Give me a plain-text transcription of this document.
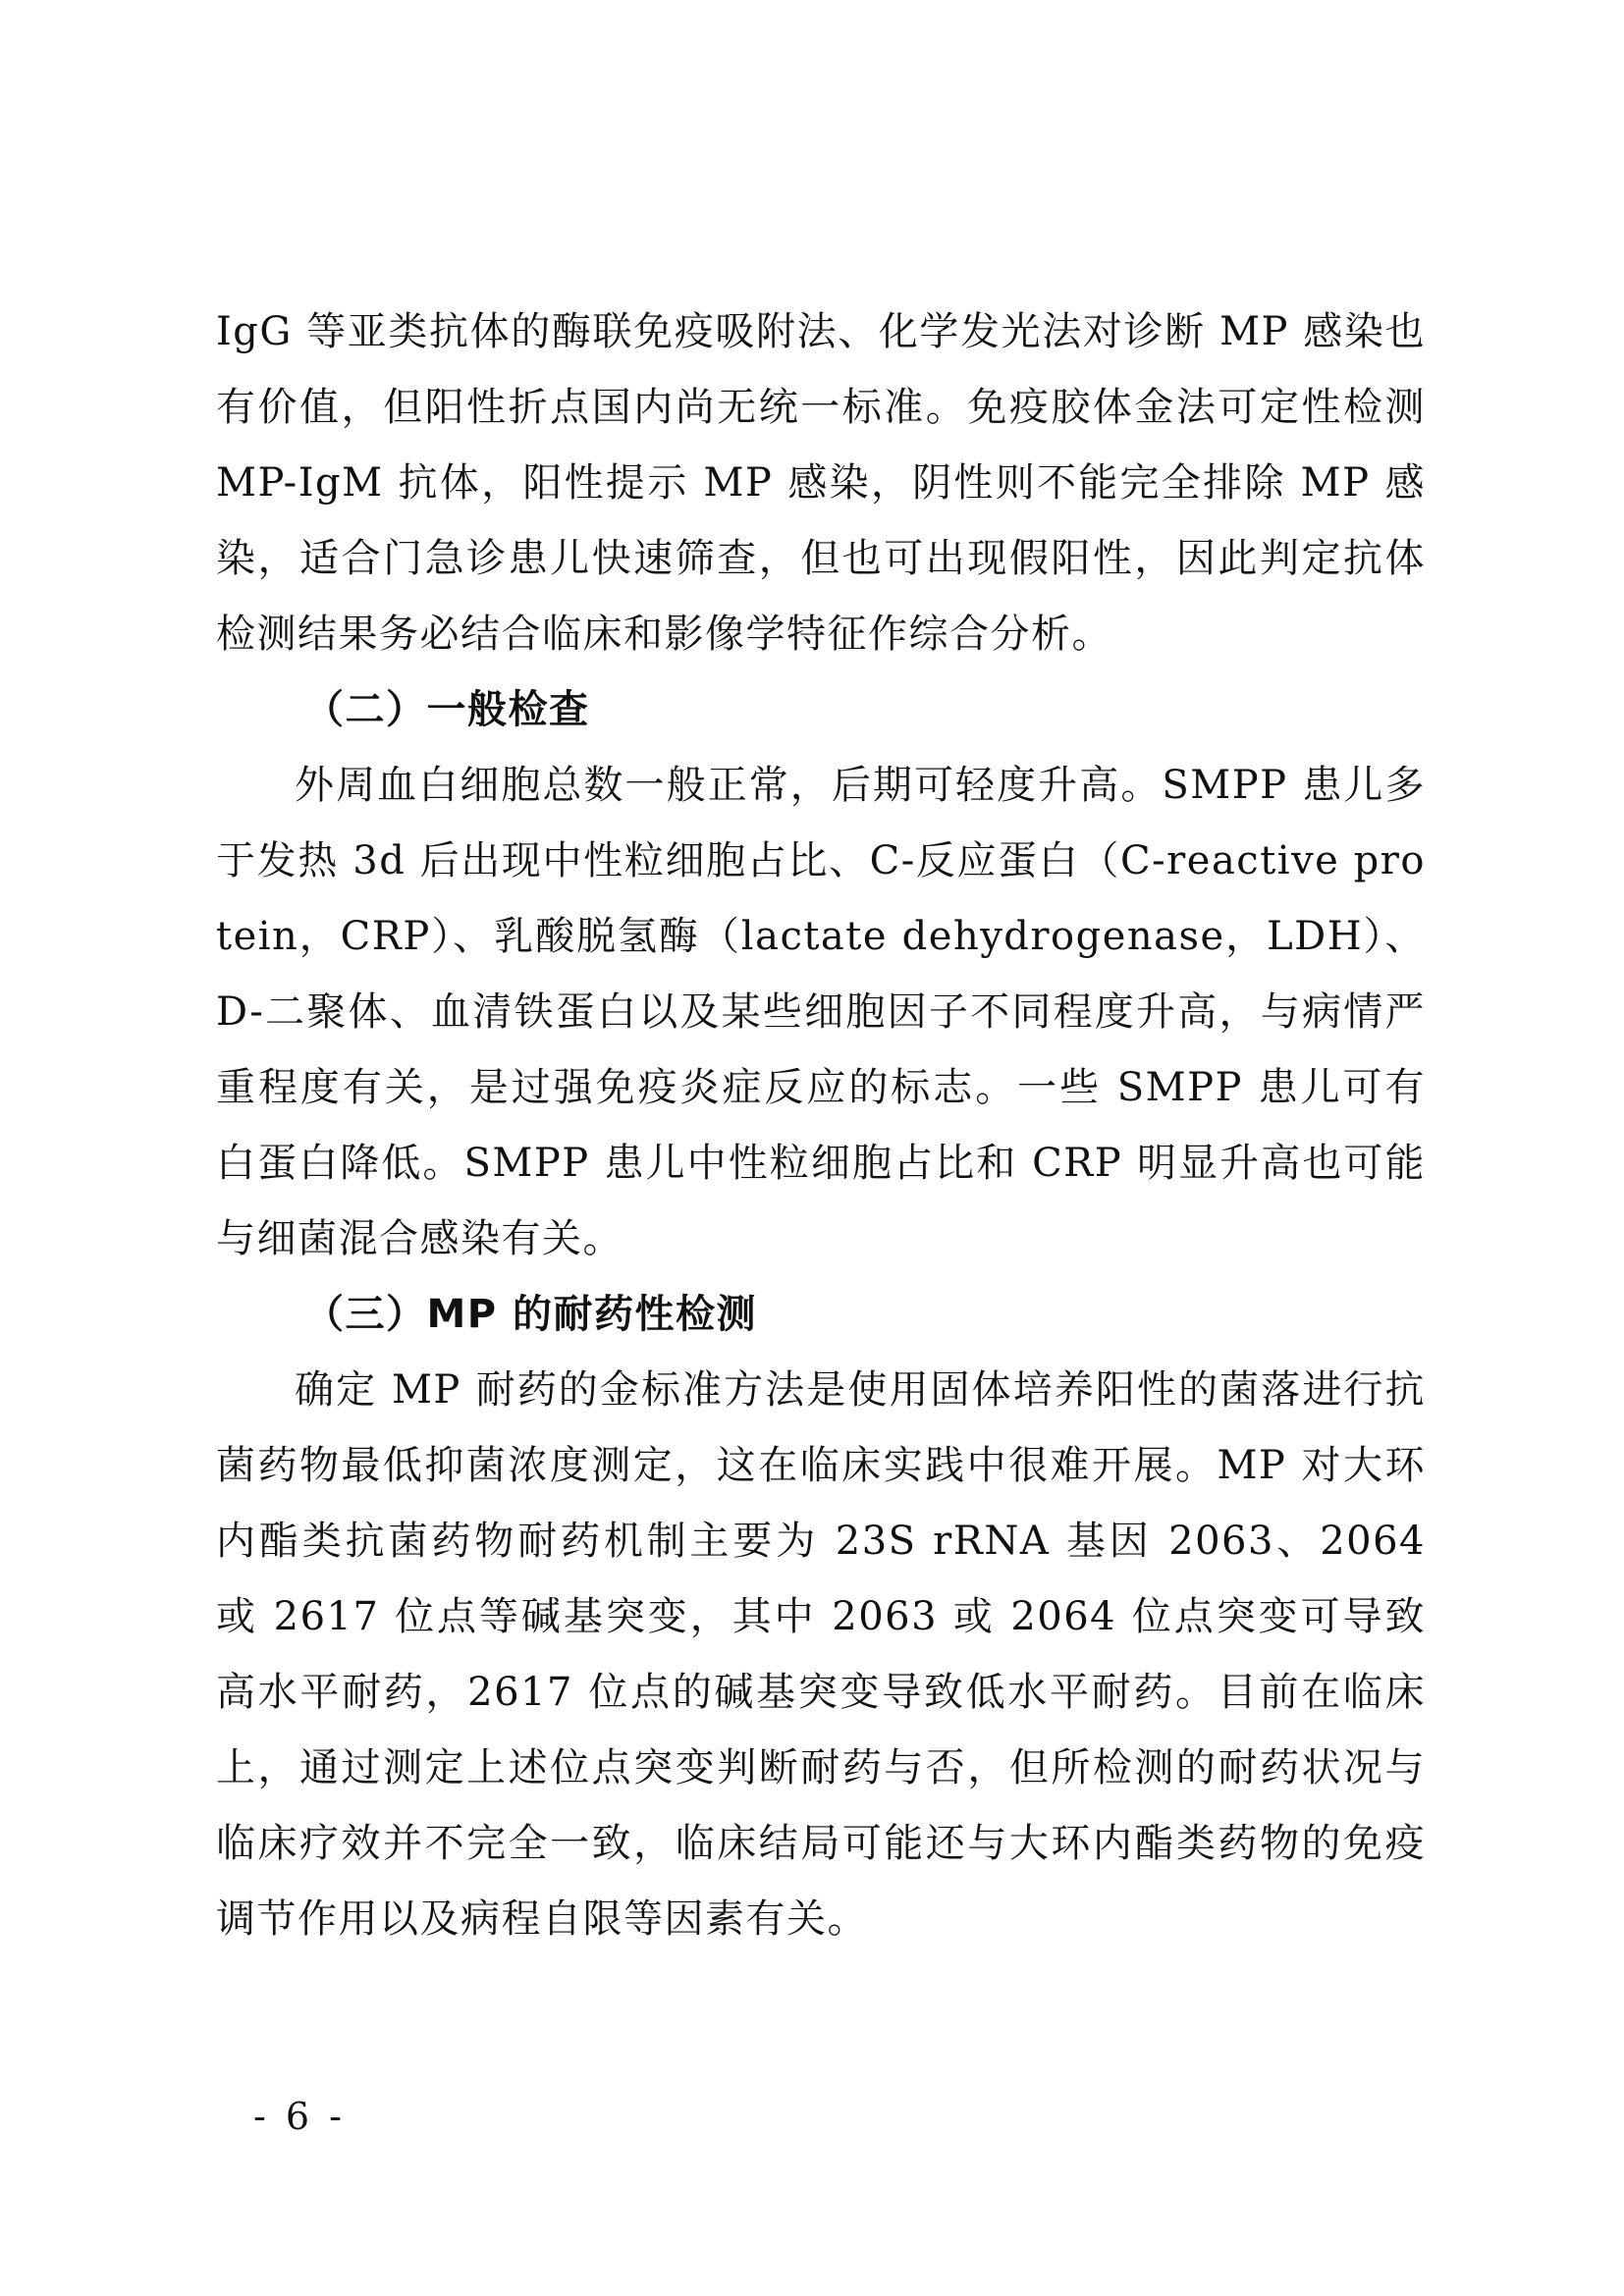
IgG 等亚类抗体的酶联免疫吸附法、化学发光法对诊断 MP 感染也有价值，但阳性折点国内尚无统一标准。免疫胶体金法可定性检测 MP-IgM 抗体，阳性提示 MP 感染，阴性则不能完全排除 MP 感染，适合门急诊患儿快速筛查，但也可出现假阳性，因此判定抗体检测结果务必结合临床和影像学特征作综合分析。

（二）一般检查

外周血白细胞总数一般正常，后期可轻度升高。SMPP 患儿多于发热 3d 后出现中性粒细胞占比、C-反应蛋白（C-reactive protein，CRP）、乳酸脱氢酶（lactate dehydrogenase，LDH）、D-二聚体、血清铁蛋白以及某些细胞因子不同程度升高，与病情严重程度有关，是过强免疫炎症反应的标志。一些 SMPP 患儿可有白蛋白降低。SMPP 患儿中性粒细胞占比和 CRP 明显升高也可能与细菌混合感染有关。

（三）MP 的耐药性检测

确定 MP 耐药的金标准方法是使用固体培养阳性的菌落进行抗菌药物最低抑菌浓度测定，这在临床实践中很难开展。MP 对大环内酯类抗菌药物耐药机制主要为 23S rRNA 基因 2063、2064 或 2617 位点等碱基突变，其中 2063 或 2064 位点突变可导致高水平耐药，2617 位点的碱基突变导致低水平耐药。目前在临床上，通过测定上述位点突变判断耐药与否，但所检测的耐药状况与临床疗效并不完全一致，临床结局可能还与大环内酯类药物的免疫调节作用以及病程自限等因素有关。

- 6 -
